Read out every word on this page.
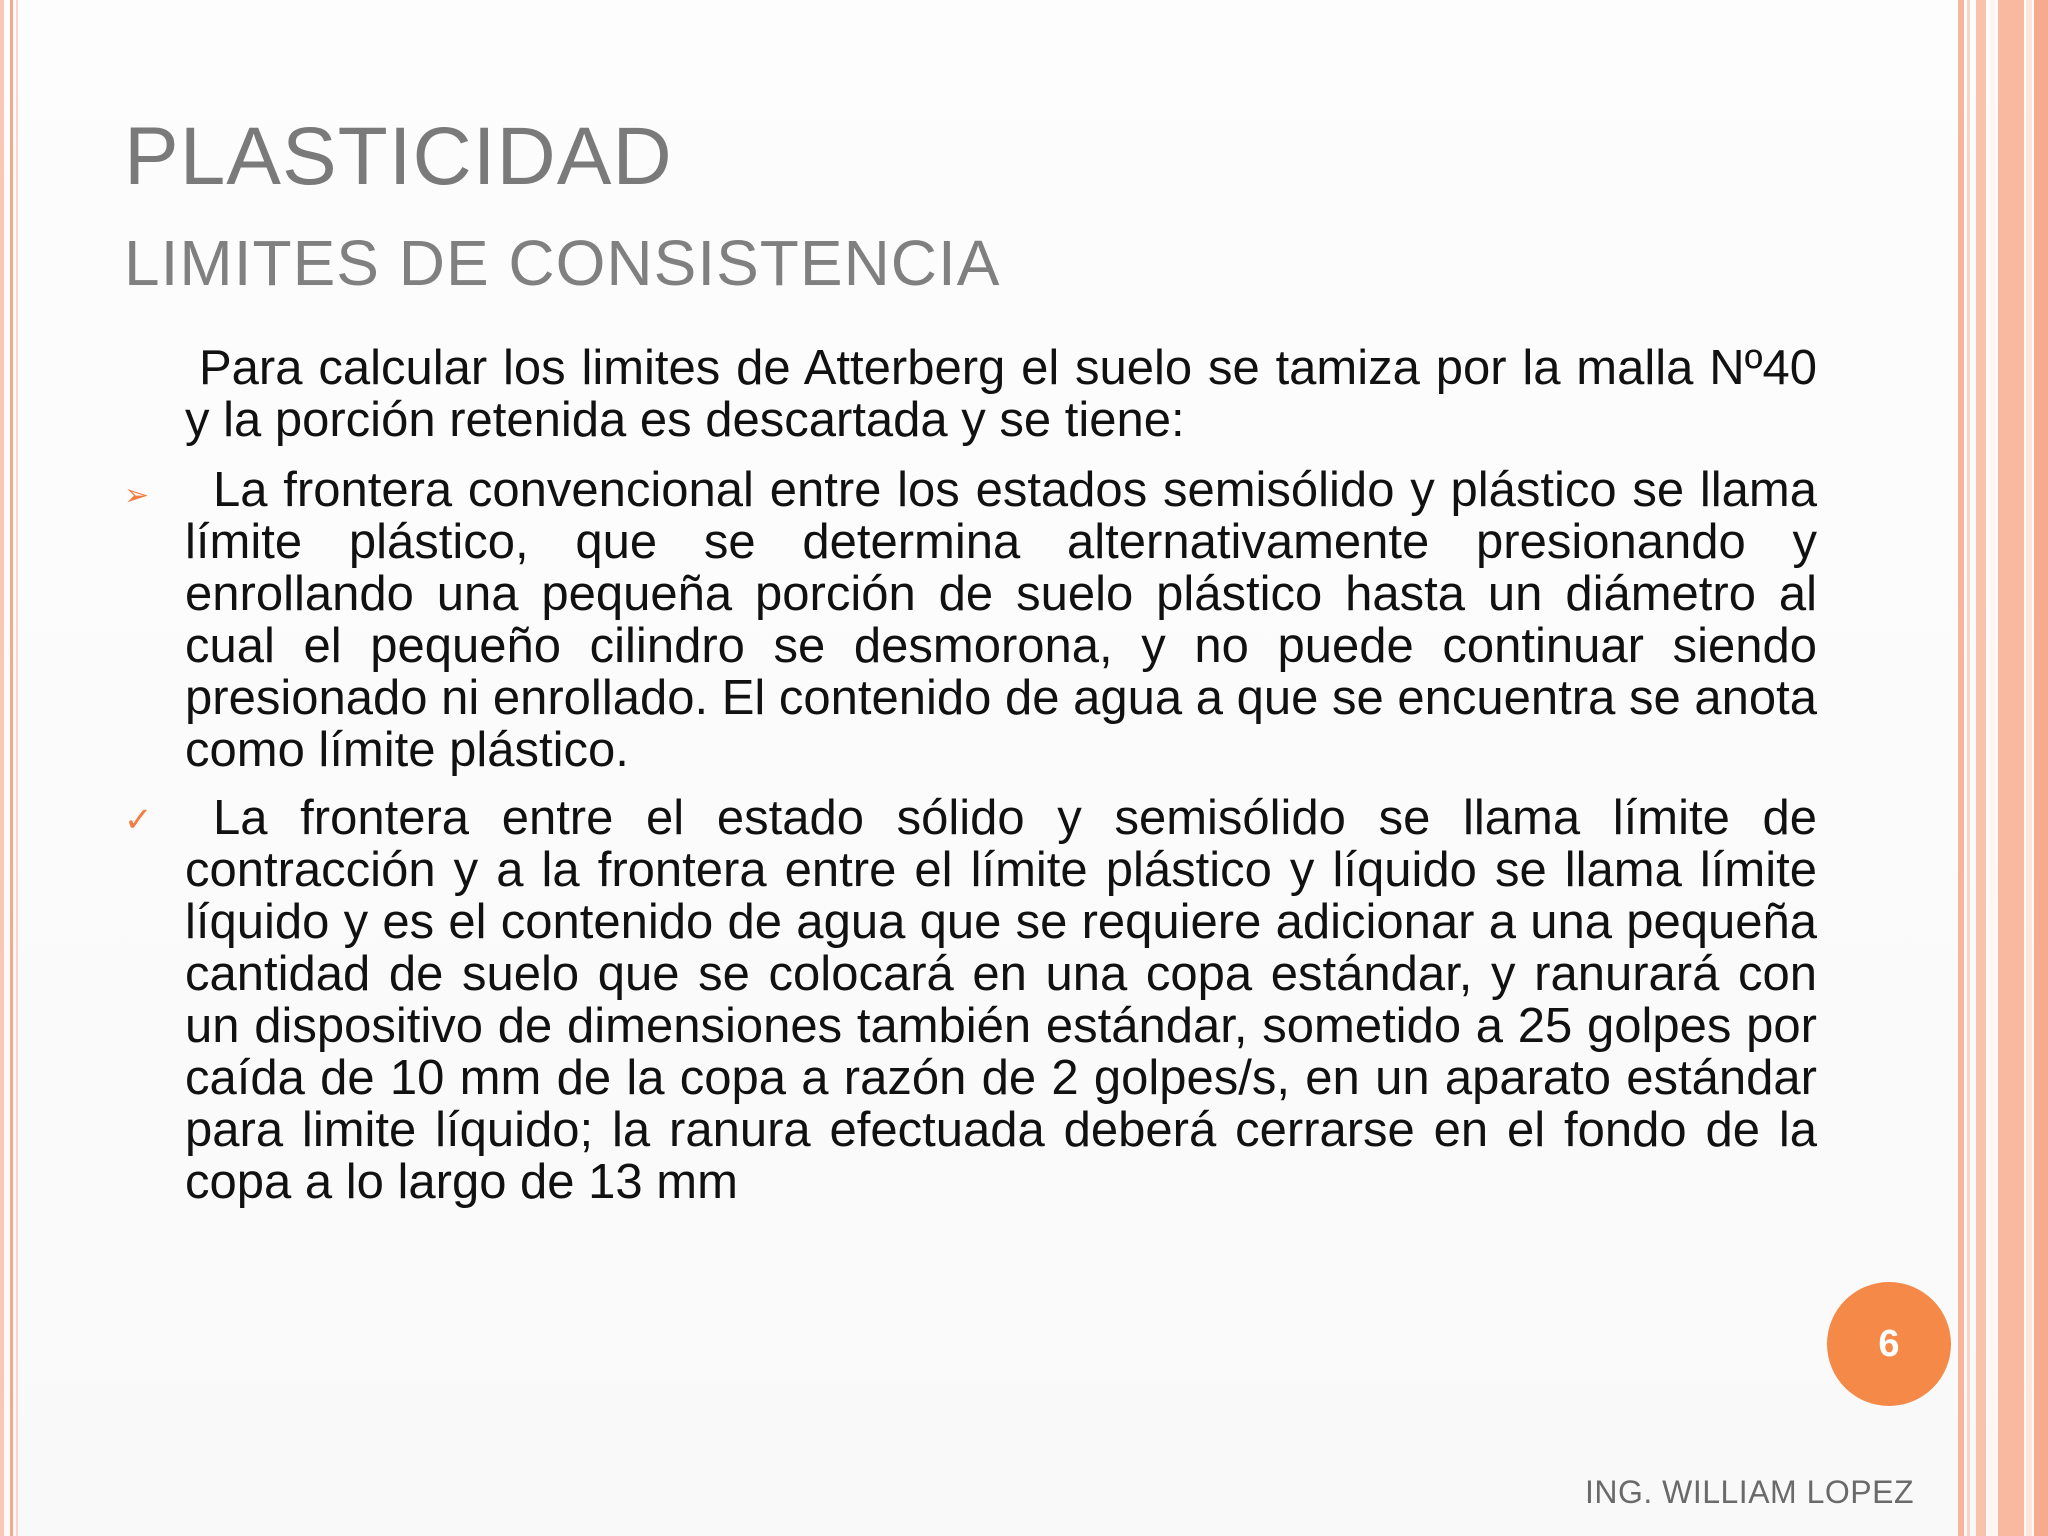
PLASTICIDAD
LIMITES DE CONSISTENCIA

Para calcular los limites de Atterberg el suelo se tamiza por la malla Nº40 y la porción retenida es descartada y se tiene:

➢	La frontera convencional entre los estados semisólido y plástico se llama límite plástico, que se determina alternativamente presionando y enrollando una pequeña porción de suelo plástico hasta un diámetro al cual el pequeño cilindro se desmorona, y no puede continuar siendo presionado ni enrollado. El contenido de agua a que se encuentra se anota como límite plástico.

✓	La frontera entre el estado sólido y semisólido se llama límite de contracción y a la frontera entre el límite plástico y líquido se llama límite líquido y es el contenido de agua que se requiere adicionar a una pequeña cantidad de suelo que se colocará en una copa estándar, y ranurará con un dispositivo de dimensiones también estándar, sometido a 25 golpes por caída de 10 mm de la copa a razón de 2 golpes/s, en un aparato estándar para limite líquido; la ranura efectuada deberá cerrarse en el fondo de la copa a lo largo de 13 mm

6
ING. WILLIAM LOPEZ
